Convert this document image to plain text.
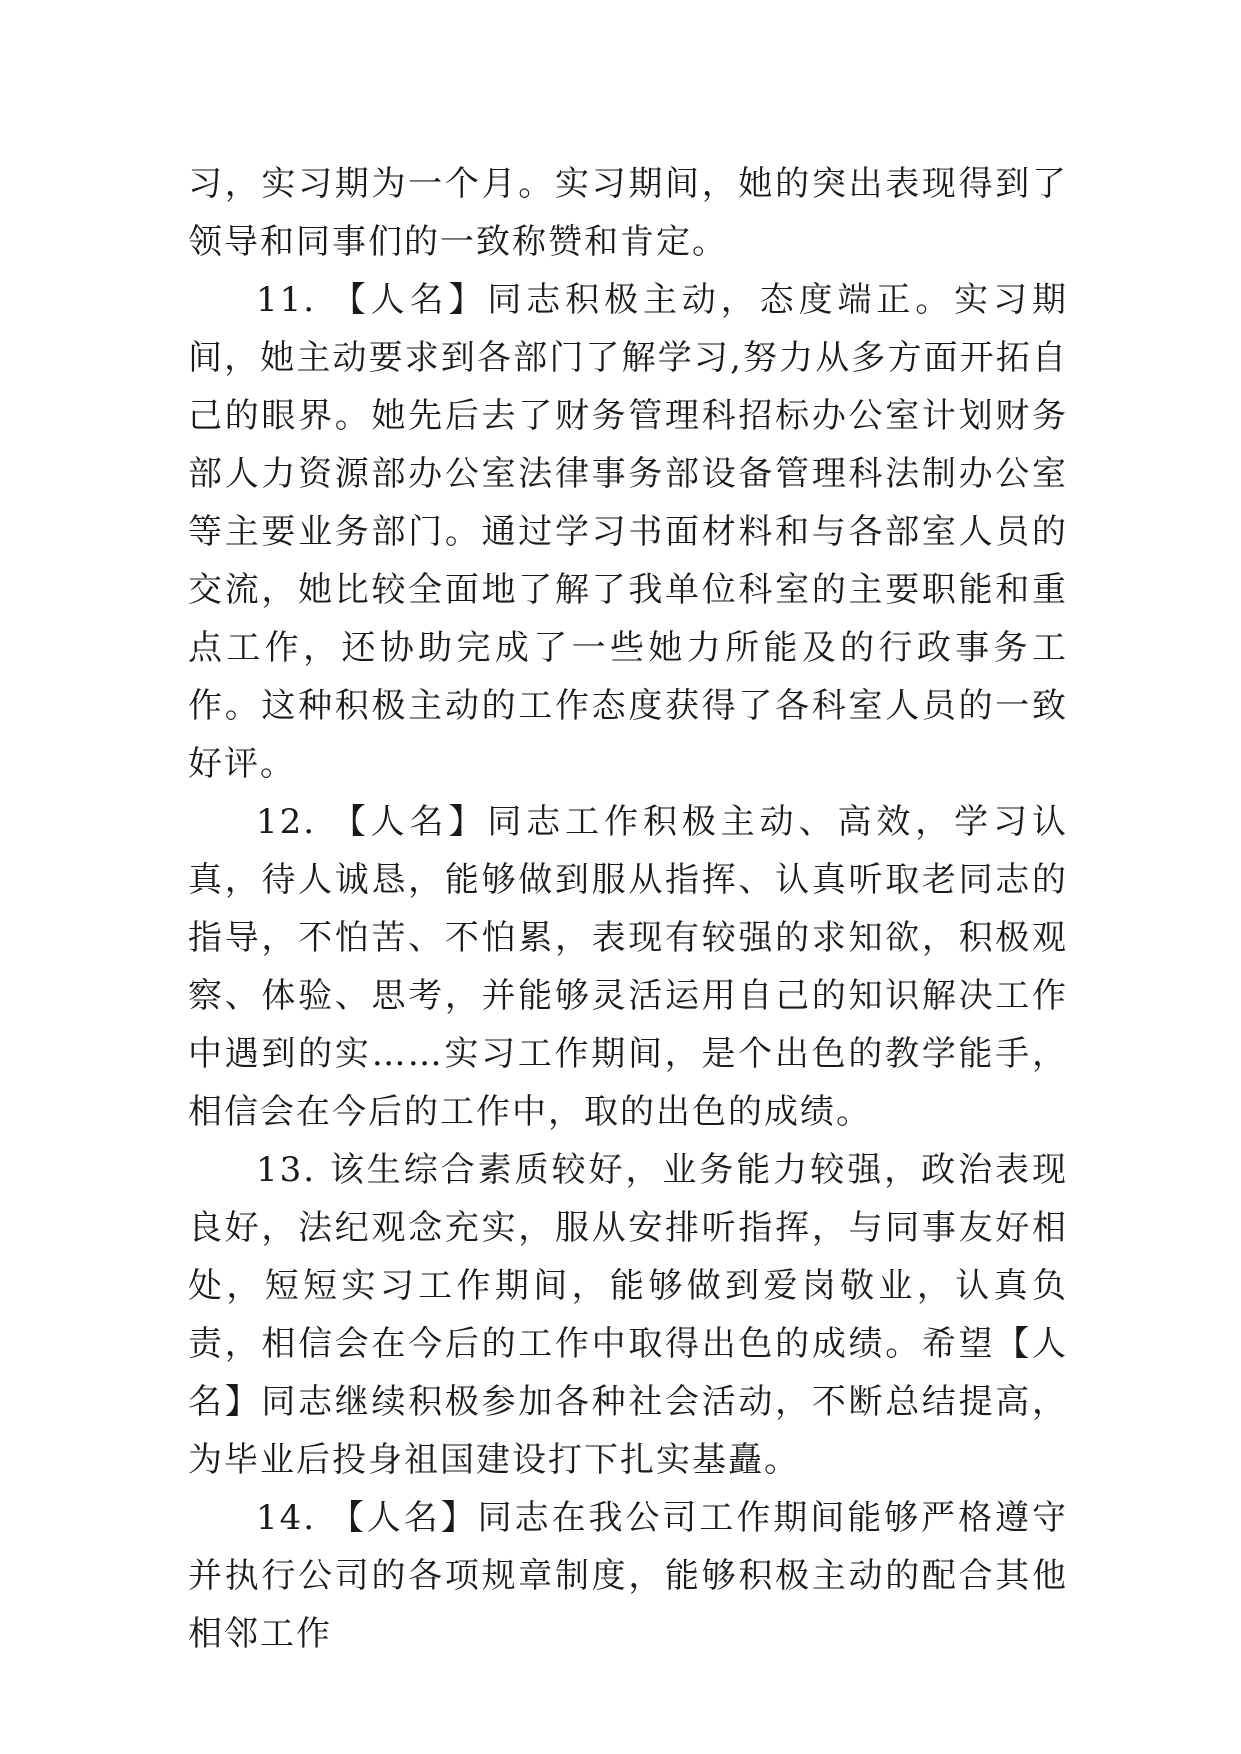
习，实习期为一个月。实习期间，她的突出表现得到了领导和同事们的一致称赞和肯定。

11. 【人名】同志积极主动，态度端正。实习期间，她主动要求到各部门了解学习,努力从多方面开拓自己的眼界。她先后去了财务管理科招标办公室计划财务部人力资源部办公室法律事务部设备管理科法制办公室等主要业务部门。通过学习书面材料和与各部室人员的交流，她比较全面地了解了我单位科室的主要职能和重点工作，还协助完成了一些她力所能及的行政事务工作。这种积极主动的工作态度获得了各科室人员的一致好评。

12. 【人名】同志工作积极主动、高效，学习认真，待人诚恳，能够做到服从指挥、认真听取老同志的指导，不怕苦、不怕累，表现有较强的求知欲，积极观察、体验、思考，并能够灵活运用自己的知识解决工作中遇到的实……实习工作期间，是个出色的教学能手，相信会在今后的工作中，取的出色的成绩。

13. 该生综合素质较好，业务能力较强，政治表现良好，法纪观念充实，服从安排听指挥，与同事友好相处，短短实习工作期间，能够做到爱岗敬业，认真负责，相信会在今后的工作中取得出色的成绩。希望【人名】同志继续积极参加各种社会活动，不断总结提高，为毕业后投身祖国建设打下扎实基矗。

14. 【人名】同志在我公司工作期间能够严格遵守并执行公司的各项规章制度，能够积极主动的配合其他相邻工作
